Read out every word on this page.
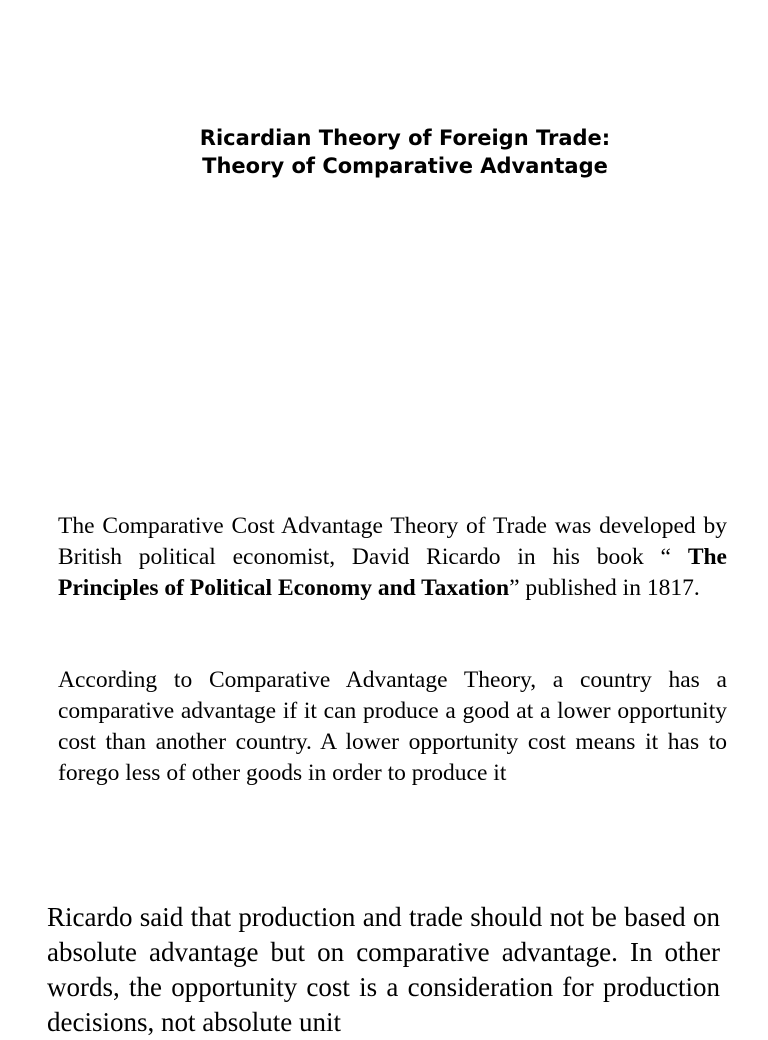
Ricardian Theory of Foreign Trade:
Theory of Comparative Advantage

The Comparative Cost Advantage Theory of Trade was developed by British political economist, David Ricardo in his book “ The Principles of Political Economy and Taxation” published in 1817.

According to Comparative Advantage Theory, a country has a comparative advantage if it can produce a good at a lower opportunity cost than another country. A lower opportunity cost means it has to forego less of other goods in order to produce it

Ricardo said that production and trade should not be based on absolute advantage but on comparative advantage. In other words, the opportunity cost is a consideration for production decisions, not absolute unit
